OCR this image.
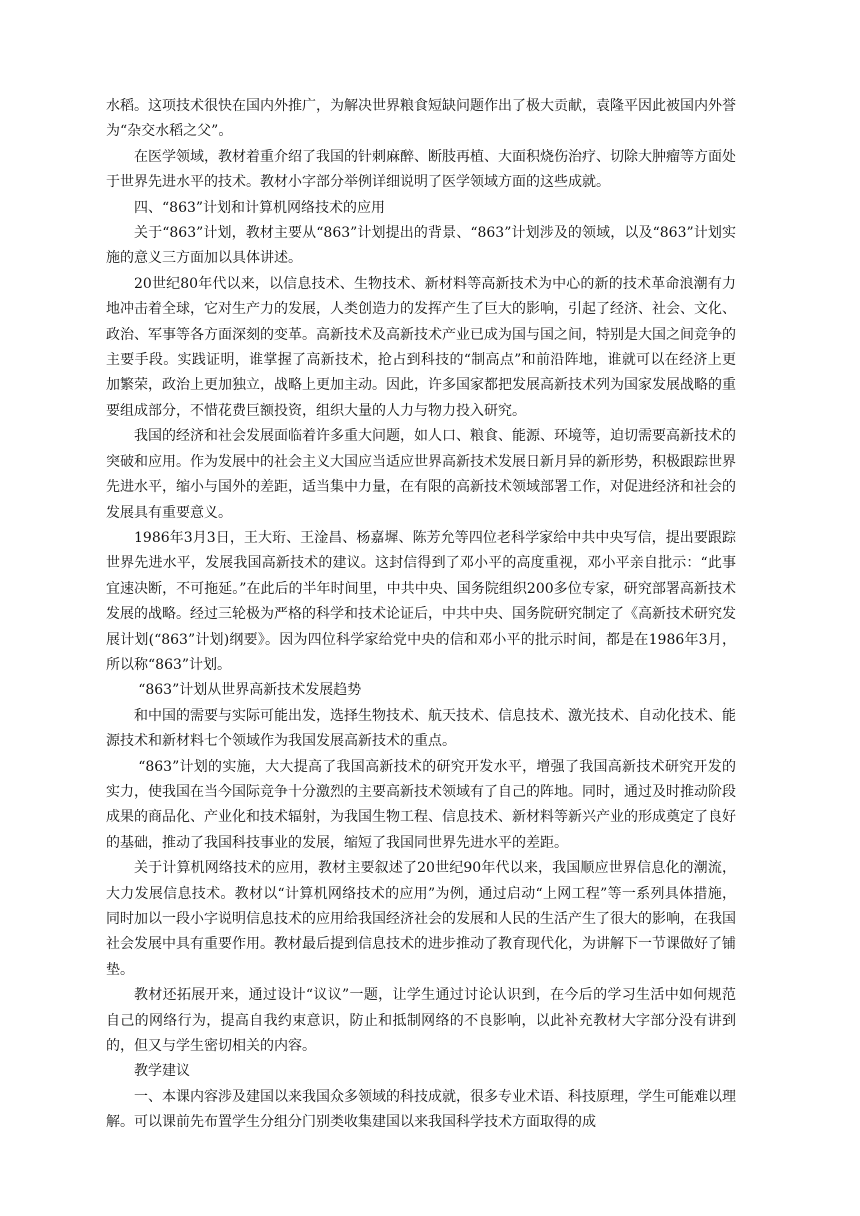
水稻。这项技术很快在国内外推广，为解决世界粮食短缺问题作出了极大贡献，袁隆平因此被国内外誉为“杂交水稻之父”。

在医学领域，教材着重介绍了我国的针刺麻醉、断肢再植、大面积烧伤治疗、切除大肿瘤等方面处于世界先进水平的技术。教材小字部分举例详细说明了医学领域方面的这些成就。

四、“863”计划和计算机网络技术的应用

关于“863”计划，教材主要从“863”计划提出的背景、“863”计划涉及的领域，以及“863”计划实施的意义三方面加以具体讲述。

20世纪80年代以来，以信息技术、生物技术、新材料等高新技术为中心的新的技术革命浪潮有力地冲击着全球，它对生产力的发展，人类创造力的发挥产生了巨大的影响，引起了经济、社会、文化、政治、军事等各方面深刻的变革。高新技术及高新技术产业已成为国与国之间，特别是大国之间竞争的主要手段。实践证明，谁掌握了高新技术，抢占到科技的“制高点”和前沿阵地，谁就可以在经济上更加繁荣，政治上更加独立，战略上更加主动。因此，许多国家都把发展高新技术列为国家发展战略的重要组成部分，不惜花费巨额投资，组织大量的人力与物力投入研究。

我国的经济和社会发展面临着许多重大问题，如人口、粮食、能源、环境等，迫切需要高新技术的突破和应用。作为发展中的社会主义大国应当适应世界高新技术发展日新月异的新形势，积极跟踪世界先进水平，缩小与国外的差距，适当集中力量，在有限的高新技术领域部署工作，对促进经济和社会的发展具有重要意义。

1986年3月3日，王大珩、王淦昌、杨嘉墀、陈芳允等四位老科学家给中共中央写信，提出要跟踪世界先进水平，发展我国高新技术的建议。这封信得到了邓小平的高度重视，邓小平亲自批示：“此事宜速决断，不可拖延。”在此后的半年时间里，中共中央、国务院组织200多位专家，研究部署高新技术发展的战略。经过三轮极为严格的科学和技术论证后，中共中央、国务院研究制定了《高新技术研究发展计划(“863”计划)纲要》。因为四位科学家给党中央的信和邓小平的批示时间，都是在1986年3月，所以称“863”计划。

“863”计划从世界高新技术发展趋势

和中国的需要与实际可能出发，选择生物技术、航天技术、信息技术、激光技术、自动化技术、能源技术和新材料七个领域作为我国发展高新技术的重点。

“863”计划的实施，大大提高了我国高新技术的研究开发水平，增强了我国高新技术研究开发的实力，使我国在当今国际竞争十分激烈的主要高新技术领域有了自己的阵地。同时，通过及时推动阶段成果的商品化、产业化和技术辐射，为我国生物工程、信息技术、新材料等新兴产业的形成奠定了良好的基础，推动了我国科技事业的发展，缩短了我国同世界先进水平的差距。

关于计算机网络技术的应用，教材主要叙述了20世纪90年代以来，我国顺应世界信息化的潮流，大力发展信息技术。教材以“计算机网络技术的应用”为例，通过启动“上网工程”等一系列具体措施，同时加以一段小字说明信息技术的应用给我国经济社会的发展和人民的生活产生了很大的影响，在我国社会发展中具有重要作用。教材最后提到信息技术的进步推动了教育现代化，为讲解下一节课做好了铺垫。

教材还拓展开来，通过设计“议议”一题，让学生通过讨论认识到，在今后的学习生活中如何规范自己的网络行为，提高自我约束意识，防止和抵制网络的不良影响，以此补充教材大字部分没有讲到的，但又与学生密切相关的内容。

教学建议

一、本课内容涉及建国以来我国众多领域的科技成就，很多专业术语、科技原理，学生可能难以理解。可以课前先布置学生分组分门别类收集建国以来我国科学技术方面取得的成
